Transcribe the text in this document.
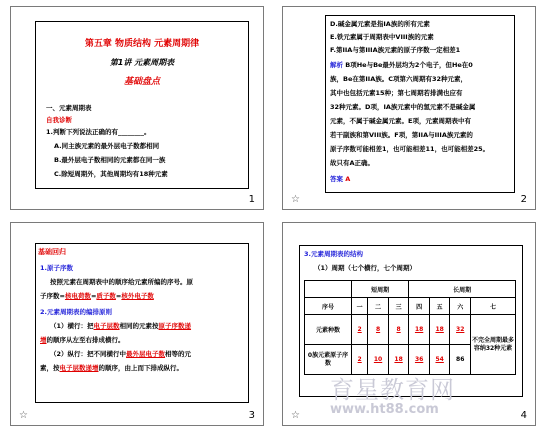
第五章 物质结构 元素周期律
第1讲 元素周期表
基础盘点
一、元素周期表
自我诊断
1.判断下列说法正确的有________。
A.同主族元素的最外层电子数都相同
B.最外层电子数相同的元素都在同一族
C.除短周期外，其他周期均有18种元素
1
D.碱金属元素是指IA族的所有元素
E.铁元素属于周期表中VIII族的元素
F.第IIA与第IIIA族元素的原子序数一定相差1
解析 B项He与Be最外层均为2个电子，但He在0
族，Be在第IIA族。C项第六周期有32种元素，
其中也包括元素15种；第七周期若排满也应有
32种元素。D项，IA族元素中的氢元素不是碱金属
元素，不属于碱金属元素。E项，元素周期表中有
若干副族和第VIII族。F项，第IIA与IIIA族元素的
原子序数可能相差1，也可能相差11，也可能相差25。
故只有A正确。
答案 A
☆	2
基础回归
1.原子序数
按照元素在周期表中的顺序给元素所编的序号。原
子序数=核电荷数=质子数=核外电子数
2.元素周期表的编排原则
（1）横行：把电子层数相同的元素按原子序数递
增的顺序从左至右排成横行。
（2）纵行：把不同横行中最外层电子数相等的元
素，按电子层数递增的顺序，由上而下排成纵行。
☆	3
3.元素周期表的结构
（1）周期（七个横行，七个周期）
	短周期			长周期			
序号	一	二	三	四	五	六	七
元素种数	2	8	8	18	18	32	不完全周期最多容纳32种元素
0族元素原子序数	2	10	18	36	54	86	
☆	4
育星教育网
www.ht88.com
